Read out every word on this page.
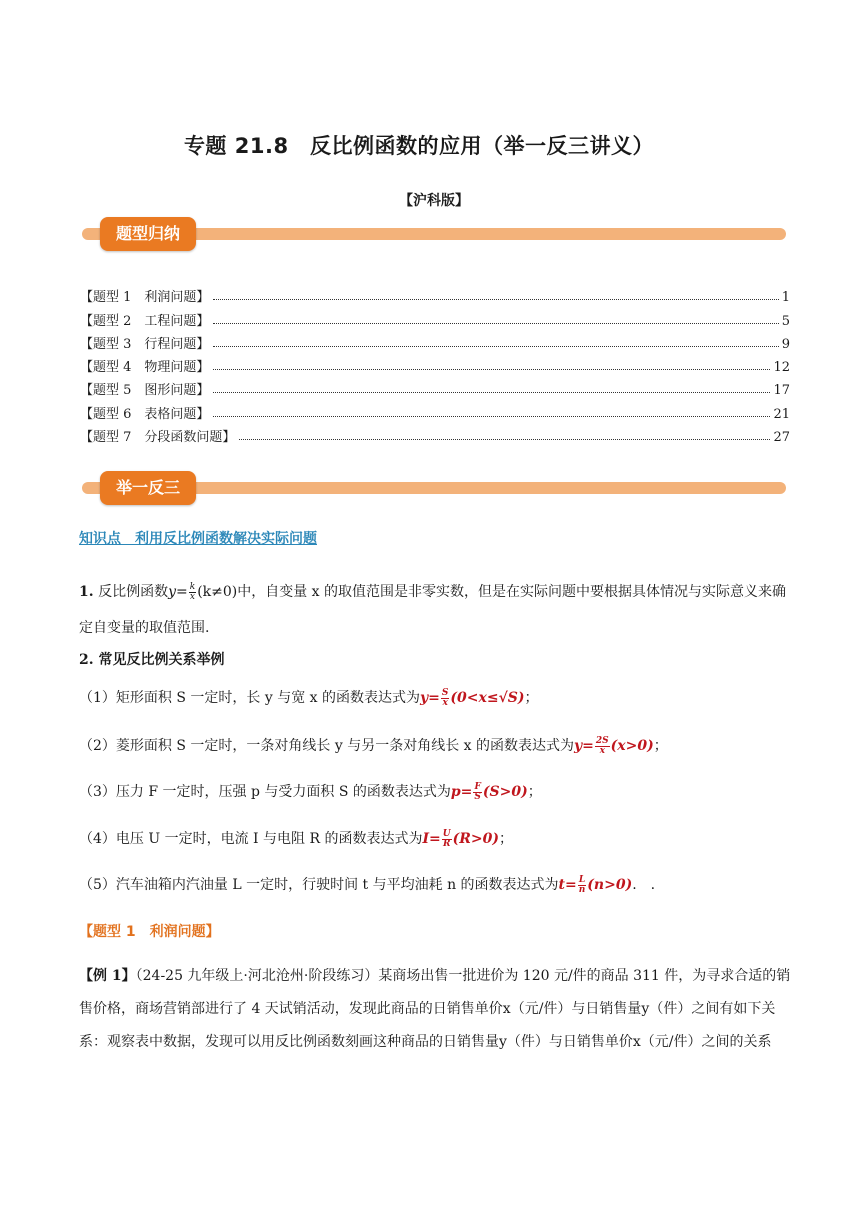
专题 21.8　反比例函数的应用（举一反三讲义）
【沪科版】
题型归纳
【题型 1　利润问题】	1
【题型 2　工程问题】	5
【题型 3　行程问题】	9
【题型 4　物理问题】	12
【题型 5　图形问题】	17
【题型 6　表格问题】	21
【题型 7　分段函数问题】	27
举一反三
知识点　利用反比例函数解决实际问题
1. 反比例函数$y= \frac{k}{x} (k\ne 0)$中，自变量 x 的取值范围是非零实数，但是在实际问题中要根据具体情况与实际意义来确定自变量的取值范围.
2. 常见反比例关系举例
（1）矩形面积 S 一定时，长 y 与宽 x 的函数表达式为$y= \frac{S}{x} (0<x\le√S)$；
（2）菱形面积 S 一定时，一条对角线长 y 与另一条对角线长 x 的函数表达式为$y= \frac{2S}{x} (x>0)$；
（3）压力 F 一定时，压强 p 与受力面积 S 的函数表达式为$p= \frac{F}{S} (S>0)$；
（4）电压 U 一定时，电流 I 与电阻 R 的函数表达式为$I= \frac{U}{R} (R>0)$；
（5）汽车油箱内汽油量 L 一定时，行驶时间 t 与平均油耗 n 的函数表达式为$t= \frac{L}{n} (n>0)$.　.
【题型 1　利润问题】
【例 1】（24-25 九年级上·河北沧州·阶段练习）某商场出售一批进价为 120 元/件的商品 311 件，为寻求合适的销售价格，商场营销部进行了 4 天试销活动，发现此商品的日销售单价x（元/件）与日销售量y（件）之间有如下关系：观察表中数据，发现可以用反比例函数刻画这种商品的日销售量y（件）与日销售单价x（元/件）之间的关系
